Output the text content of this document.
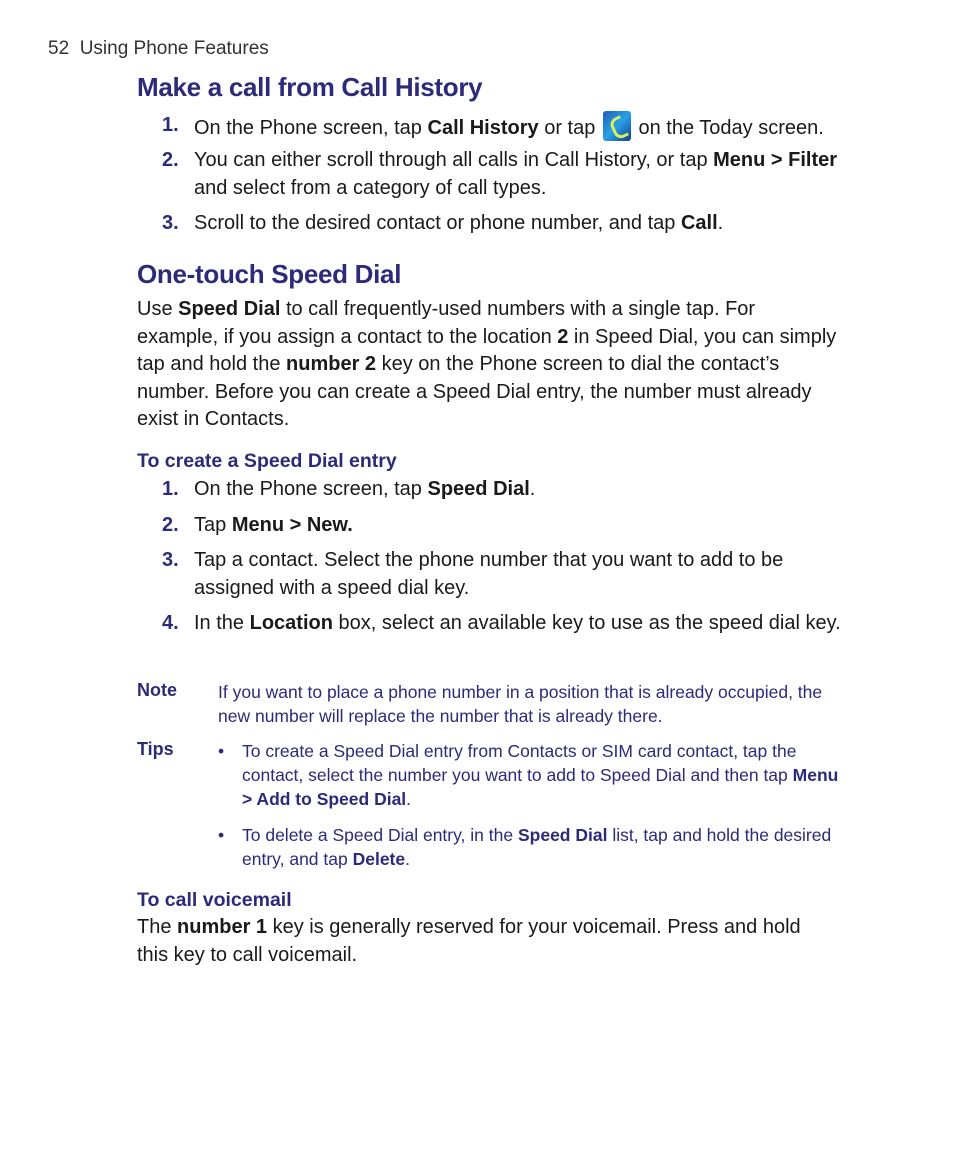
52 Using Phone Features
Make a call from Call History
1. On the Phone screen, tap Call History or tap  on the Today screen.
2. You can either scroll through all calls in Call History, or tap Menu > Filter and select from a category of call types.
3. Scroll to the desired contact or phone number, and tap Call.
One-touch Speed Dial
Use Speed Dial to call frequently-used numbers with a single tap. For example, if you assign a contact to the location 2 in Speed Dial, you can simply tap and hold the number 2 key on the Phone screen to dial the contact’s number. Before you can create a Speed Dial entry, the number must already exist in Contacts.
To create a Speed Dial entry
1. On the Phone screen, tap Speed Dial.
2. Tap Menu > New.
3. Tap a contact. Select the phone number that you want to add to be assigned with a speed dial key.
4. In the Location box, select an available key to use as the speed dial key.
Note If you want to place a phone number in a position that is already occupied, the new number will replace the number that is already there.
Tips	• To create a Speed Dial entry from Contacts or SIM card contact, tap the contact, select the number you want to add to Speed Dial and then tap Menu > Add to Speed Dial.
• To delete a Speed Dial entry, in the Speed Dial list, tap and hold the desired entry, and tap Delete.
To call voicemail
The number 1 key is generally reserved for your voicemail. Press and hold this key to call voicemail.
